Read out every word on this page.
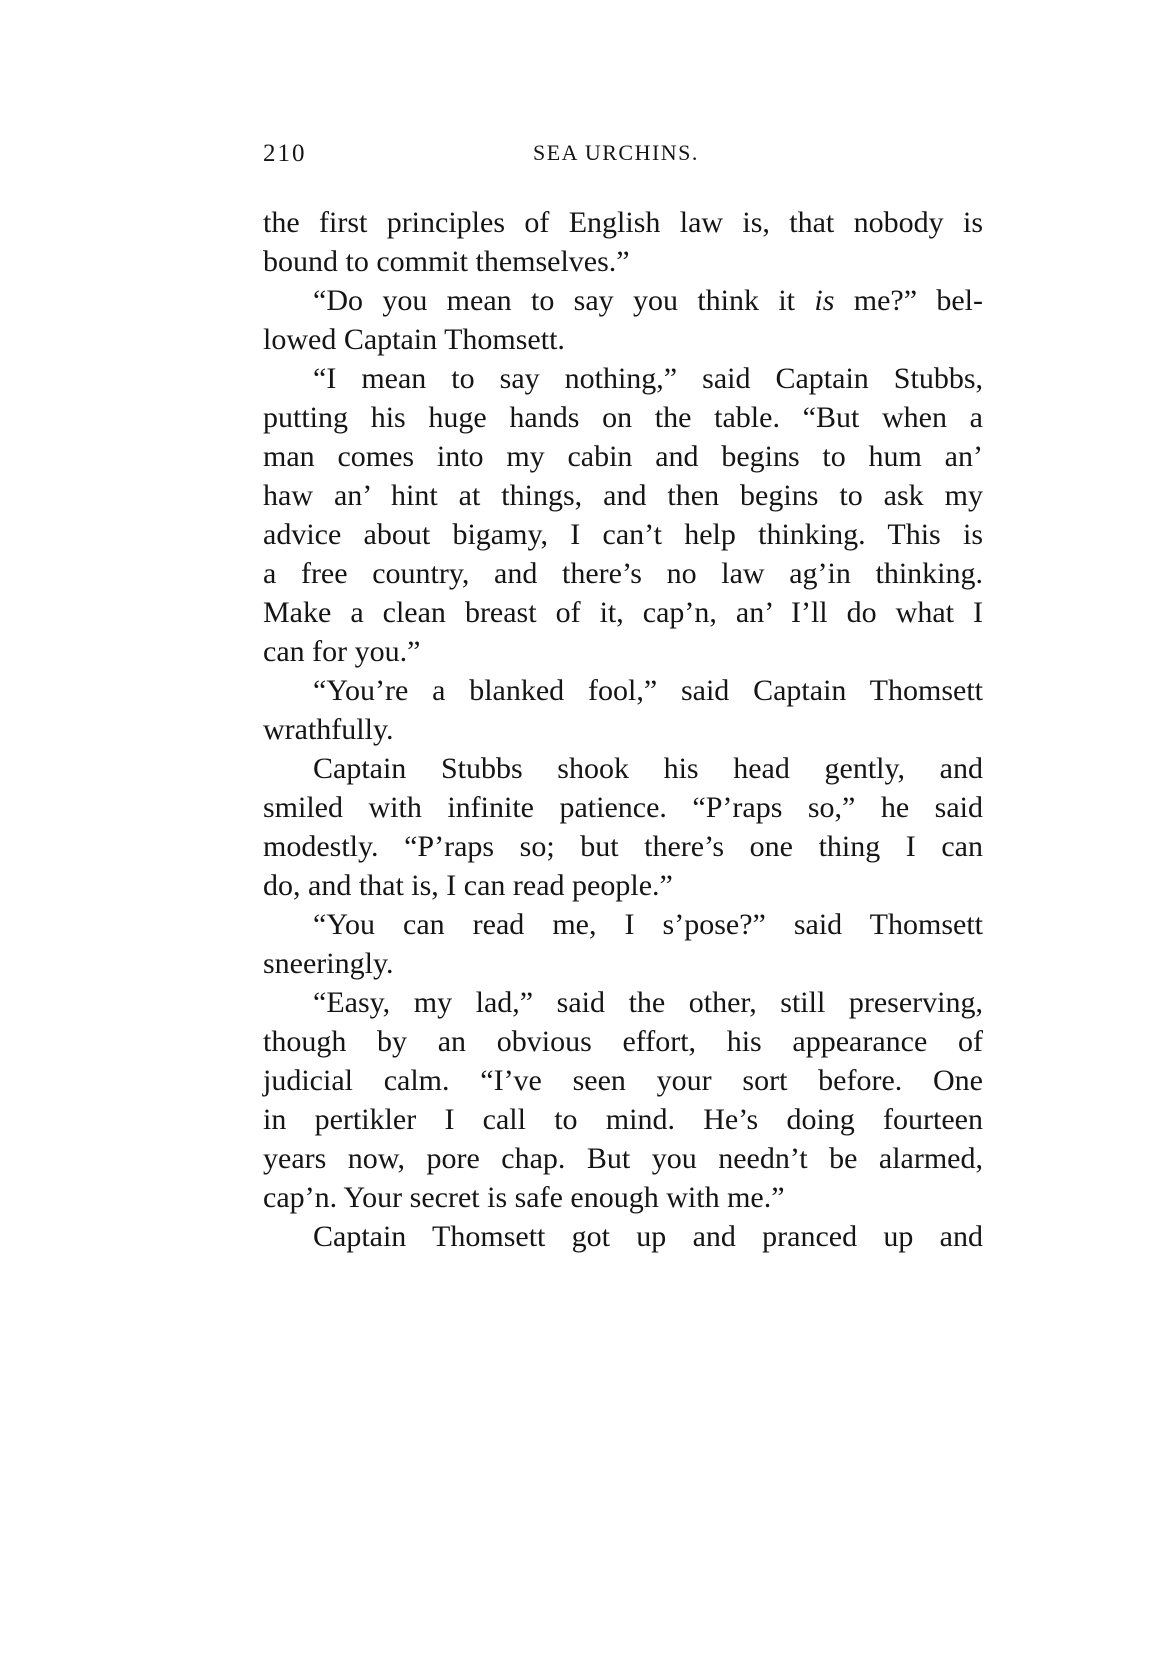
210	SEA URCHINS.
the first principles of English law is, that nobody is
bound to commit themselves.”
“Do you mean to say you think it is me?” bel-
lowed Captain Thomsett.
“I mean to say nothing,” said Captain Stubbs,
putting his huge hands on the table. “But when a
man comes into my cabin and begins to hum an’
haw an’ hint at things, and then begins to ask my
advice about bigamy, I can’t help thinking. This is
a free country, and there’s no law ag’in thinking.
Make a clean breast of it, cap’n, an’ I’ll do what I
can for you.”
“You’re a blanked fool,” said Captain Thomsett
wrathfully.
Captain Stubbs shook his head gently, and
smiled with infinite patience. “P’raps so,” he said
modestly. “P’raps so; but there’s one thing I can
do, and that is, I can read people.”
“You can read me, I s’pose?” said Thomsett
sneeringly.
“Easy, my lad,” said the other, still preserving,
though by an obvious effort, his appearance of
judicial calm. “I’ve seen your sort before. One
in pertikler I call to mind. He’s doing fourteen
years now, pore chap. But you needn’t be alarmed,
cap’n. Your secret is safe enough with me.”
Captain Thomsett got up and pranced up and
